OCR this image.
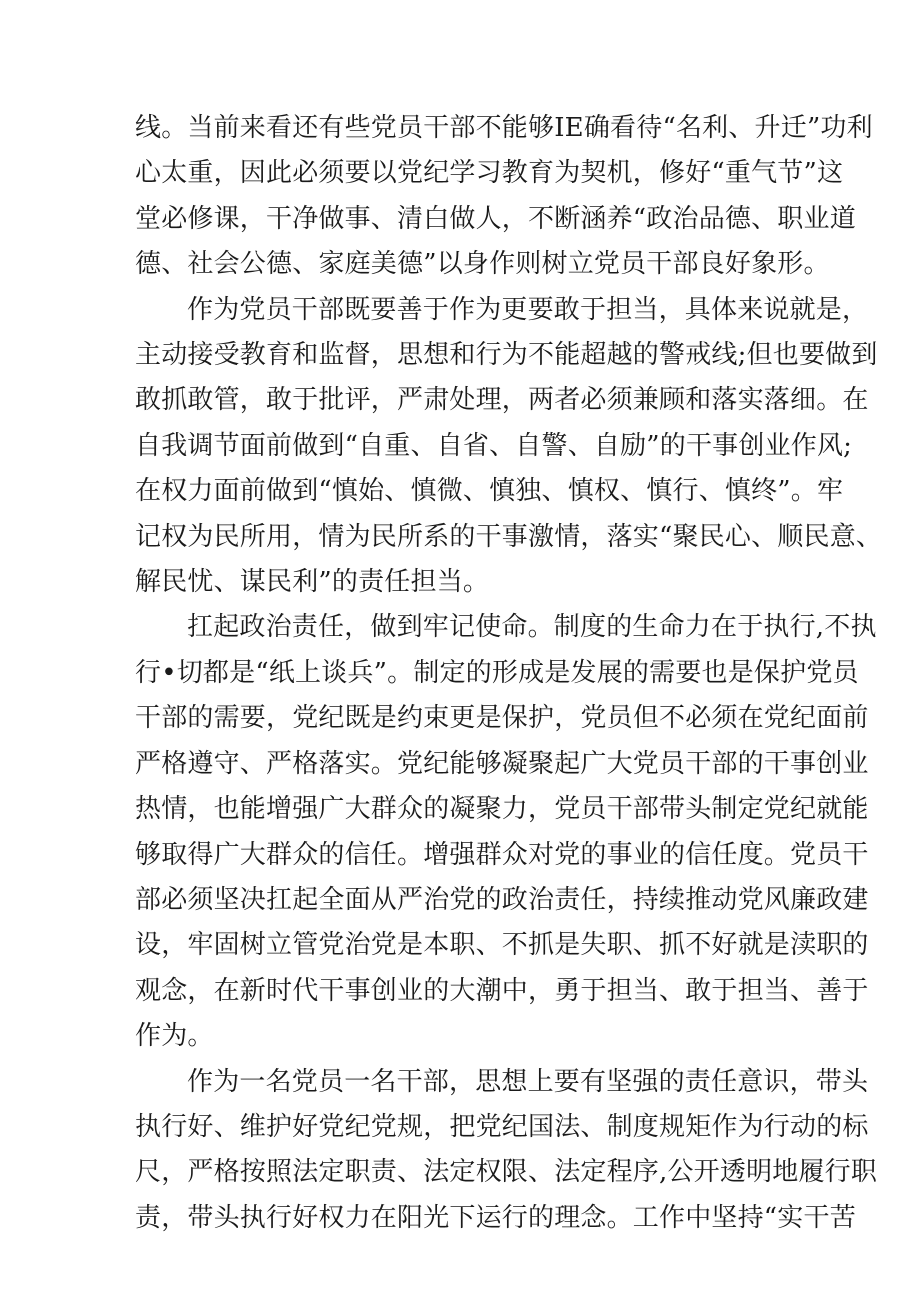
线。当前来看还有些党员干部不能够IE确看待“名利、升迁”功利
心太重，因此必须要以党纪学习教育为契机，修好“重气节”这
堂必修课，干净做事、清白做人，不断涵养“政治品德、职业道
德、社会公德、家庭美德”以身作则树立党员干部良好象形。

作为党员干部既要善于作为更要敢于担当，具体来说就是，
主动接受教育和监督，思想和行为不能超越的警戒线;但也要做到
敢抓敢管，敢于批评，严肃处理，两者必须兼顾和落实落细。在
自我调节面前做到“自重、自省、自警、自励”的干事创业作风;
在权力面前做到“慎始、慎微、慎独、慎权、慎行、慎终”。牢
记权为民所用，情为民所系的干事激情，落实“聚民心、顺民意、
解民忧、谋民利”的责任担当。

扛起政治责任，做到牢记使命。制度的生命力在于执行,不执
行•切都是“纸上谈兵”。制定的形成是发展的需要也是保护党员
干部的需要，党纪既是约束更是保护，党员但不必须在党纪面前
严格遵守、严格落实。党纪能够凝聚起广大党员干部的干事创业
热情，也能增强广大群众的凝聚力，党员干部带头制定党纪就能
够取得广大群众的信任。增强群众对党的事业的信任度。党员干
部必须坚决扛起全面从严治党的政治责任，持续推动党风廉政建
设，牢固树立管党治党是本职、不抓是失职、抓不好就是渎职的
观念，在新时代干事创业的大潮中，勇于担当、敢于担当、善于
作为。

作为一名党员一名干部，思想上要有坚强的责任意识，带头
执行好、维护好党纪党规，把党纪国法、制度规矩作为行动的标
尺，严格按照法定职责、法定权限、法定程序,公开透明地履行职
责，带头执行好权力在阳光下运行的理念。工作中坚持“实干苦
